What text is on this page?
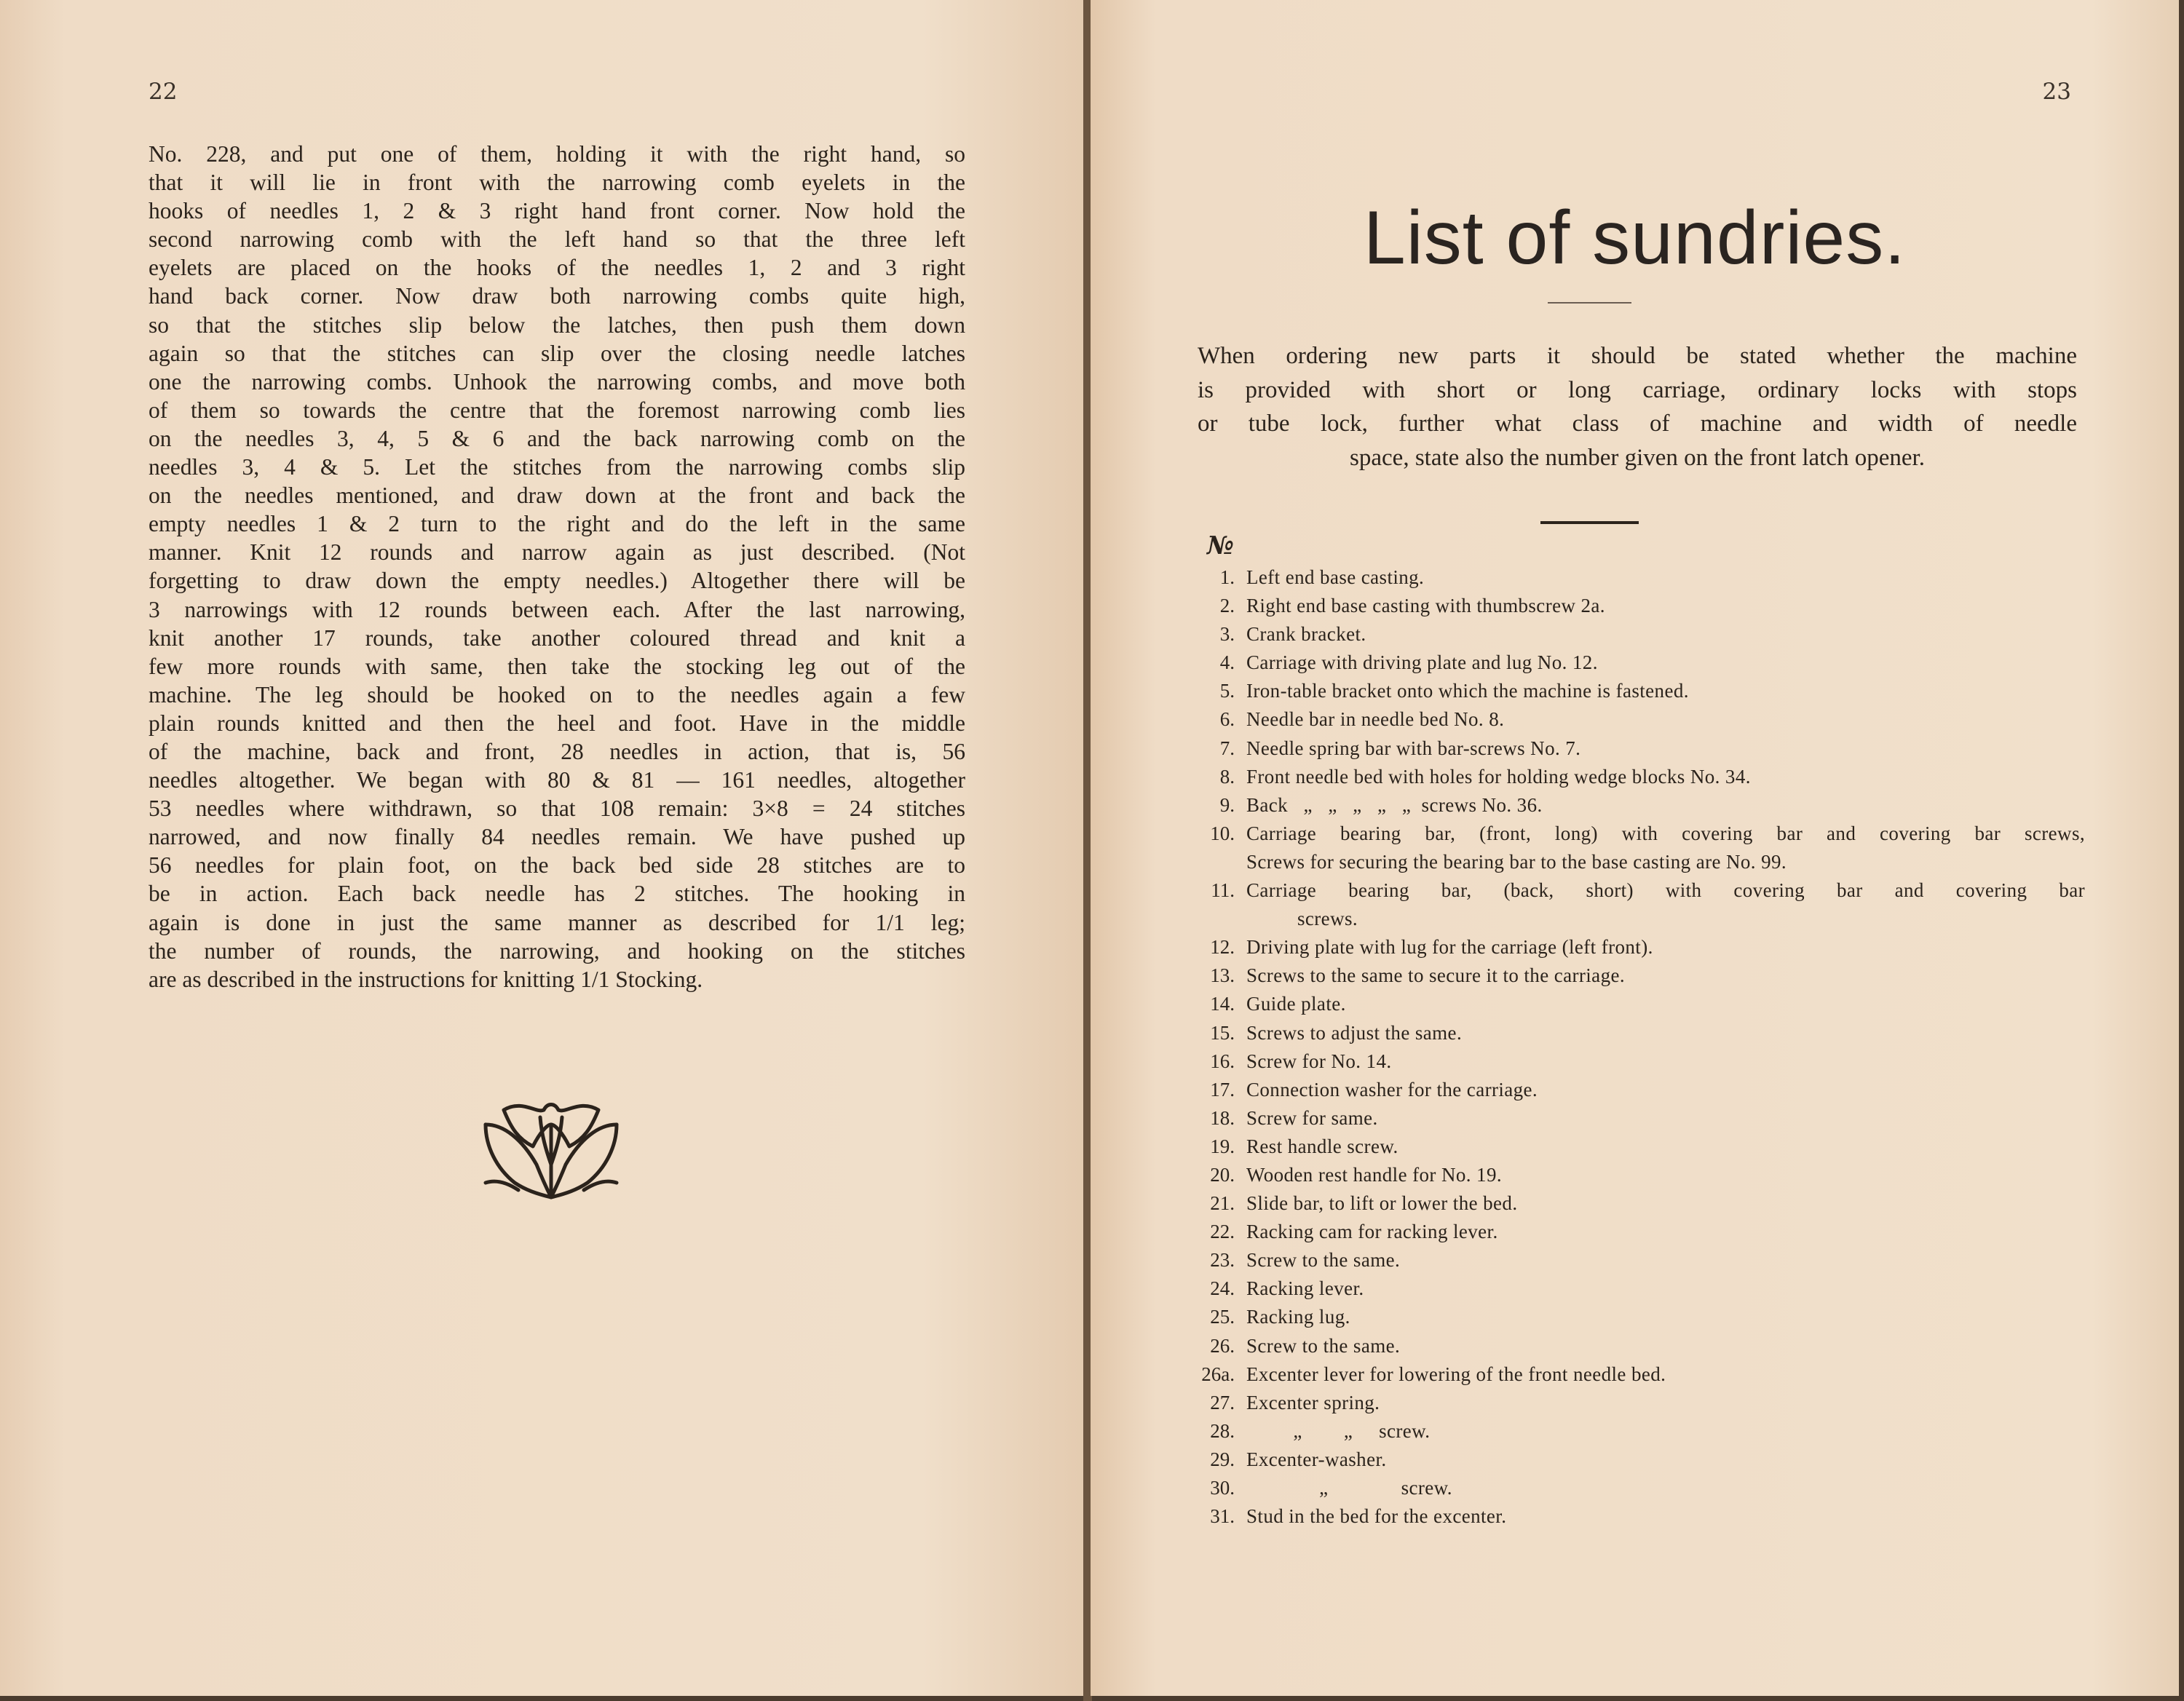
22
No. 228, and put one of them, holding it with the right hand, so
that it will lie in front with the narrowing comb eyelets in the
hooks of needles 1, 2 & 3 right hand front corner. Now hold the
second narrowing comb with the left hand so that the three left
eyelets are placed on the hooks of the needles 1, 2 and 3 right
hand back corner. Now draw both narrowing combs quite high,
so that the stitches slip below the latches, then push them down
again so that the stitches can slip over the closing needle latches
one the narrowing combs. Unhook the narrowing combs, and move both
of them so towards the centre that the foremost narrowing comb lies
on the needles 3, 4, 5 & 6 and the back narrowing comb on the
needles 3, 4 & 5. Let the stitches from the narrowing combs slip
on the needles mentioned, and draw down at the front and back the
empty needles 1 & 2 turn to the right and do the left in the same
manner. Knit 12 rounds and narrow again as just described. (Not
forgetting to draw down the empty needles.) Altogether there will be
3 narrowings with 12 rounds between each. After the last narrowing,
knit another 17 rounds, take another coloured thread and knit a
few more rounds with same, then take the stocking leg out of the
machine. The leg should be hooked on to the needles again a few
plain rounds knitted and then the heel and foot. Have in the middle
of the machine, back and front, 28 needles in action, that is, 56
needles altogether. We began with 80 & 81 — 161 needles, altogether
53 needles where withdrawn, so that 108 remain: 3×8 = 24 stitches
narrowed, and now finally 84 needles remain. We have pushed up
56 needles for plain foot, on the back bed side 28 stitches are to
be in action. Each back needle has 2 stitches. The hooking in
again is done in just the same manner as described for 1/1 leg;
the number of rounds, the narrowing, and hooking on the stitches
are as described in the instructions for knitting 1/1 Stocking.
23
List of sundries.
When ordering new parts it should be stated whether the machine
is provided with short or long carriage, ordinary locks with stops
or tube lock, further what class of machine and width of needle
space, state also the number given on the front latch opener.
№
1. Left end base casting.
2. Right end base casting with thumbscrew 2a.
3. Crank bracket.
4. Carriage with driving plate and lug No. 12.
5. Iron-table bracket onto which the machine is fastened.
6. Needle bar in needle bed No. 8.
7. Needle spring bar with bar-screws No. 7.
8. Front needle bed with holes for holding wedge blocks No. 34.
9. Back   „   „   „   „   „  screws No. 36.
10. Carriage bearing bar, (front, long) with covering bar and covering bar screws,
Screws for securing the bearing bar to the base casting are No. 99.
11. Carriage bearing bar, (back, short) with covering bar and covering bar
screws.
12. Driving plate with lug for the carriage (left front).
13. Screws to the same to secure it to the carriage.
14. Guide plate.
15. Screws to adjust the same.
16. Screw for No. 14.
17. Connection washer for the carriage.
18. Screw for same.
19. Rest handle screw.
20. Wooden rest handle for No. 19.
21. Slide bar, to lift or lower the bed.
22. Racking cam for racking lever.
23. Screw to the same.
24. Racking lever.
25. Racking lug.
26. Screw to the same.
26a. Excenter lever for lowering of the front needle bed.
27. Excenter spring.
28. „        „     screw.
29. Excenter-washer.
30. „              screw.
31. Stud in the bed for the excenter.
